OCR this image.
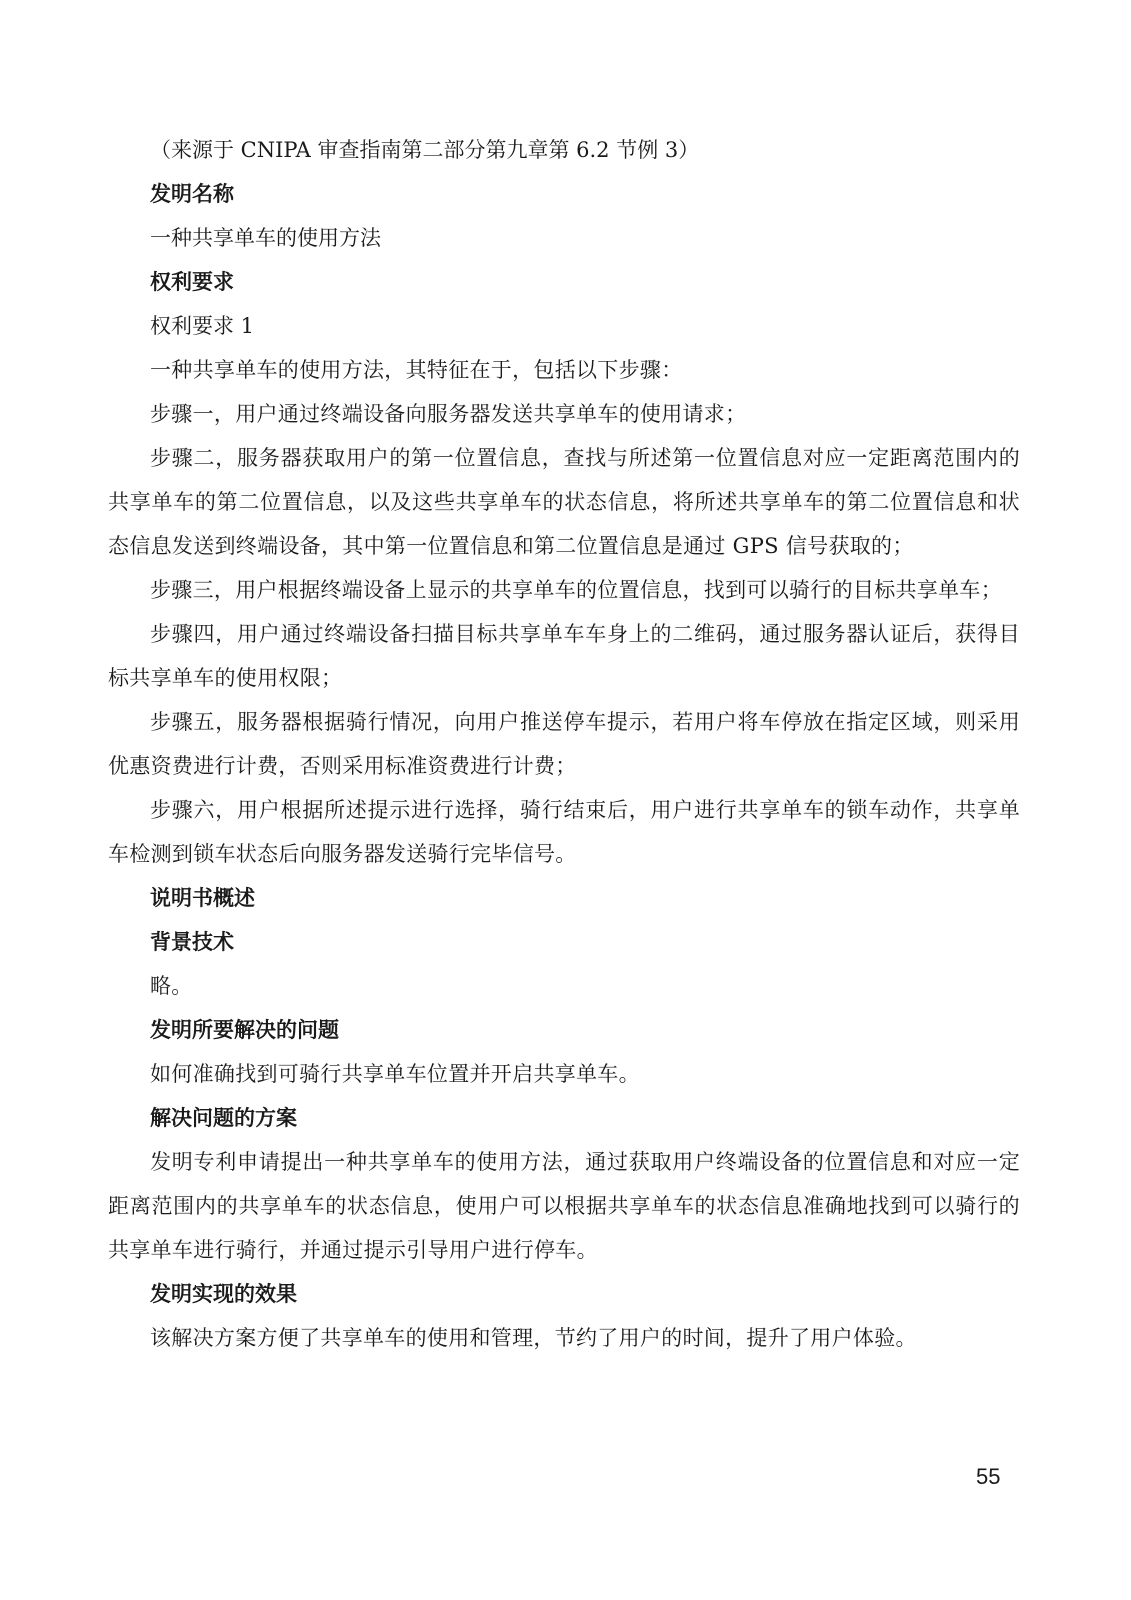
（来源于 CNIPA 审查指南第二部分第九章第 6.2 节例 3）

发明名称

一种共享单车的使用方法

权利要求

权利要求 1

一种共享单车的使用方法，其特征在于，包括以下步骤：

步骤一，用户通过终端设备向服务器发送共享单车的使用请求；

步骤二，服务器获取用户的第一位置信息，查找与所述第一位置信息对应一定距离范围内的共享单车的第二位置信息，以及这些共享单车的状态信息，将所述共享单车的第二位置信息和状态信息发送到终端设备，其中第一位置信息和第二位置信息是通过 GPS 信号获取的；

步骤三，用户根据终端设备上显示的共享单车的位置信息，找到可以骑行的目标共享单车；

步骤四，用户通过终端设备扫描目标共享单车车身上的二维码，通过服务器认证后，获得目标共享单车的使用权限；

步骤五，服务器根据骑行情况，向用户推送停车提示，若用户将车停放在指定区域，则采用优惠资费进行计费，否则采用标准资费进行计费；

步骤六，用户根据所述提示进行选择，骑行结束后，用户进行共享单车的锁车动作，共享单车检测到锁车状态后向服务器发送骑行完毕信号。

说明书概述

背景技术

略。

发明所要解决的问题

如何准确找到可骑行共享单车位置并开启共享单车。

解决问题的方案

发明专利申请提出一种共享单车的使用方法，通过获取用户终端设备的位置信息和对应一定距离范围内的共享单车的状态信息，使用户可以根据共享单车的状态信息准确地找到可以骑行的共享单车进行骑行，并通过提示引导用户进行停车。

发明实现的效果

该解决方案方便了共享单车的使用和管理，节约了用户的时间，提升了用户体验。

55
